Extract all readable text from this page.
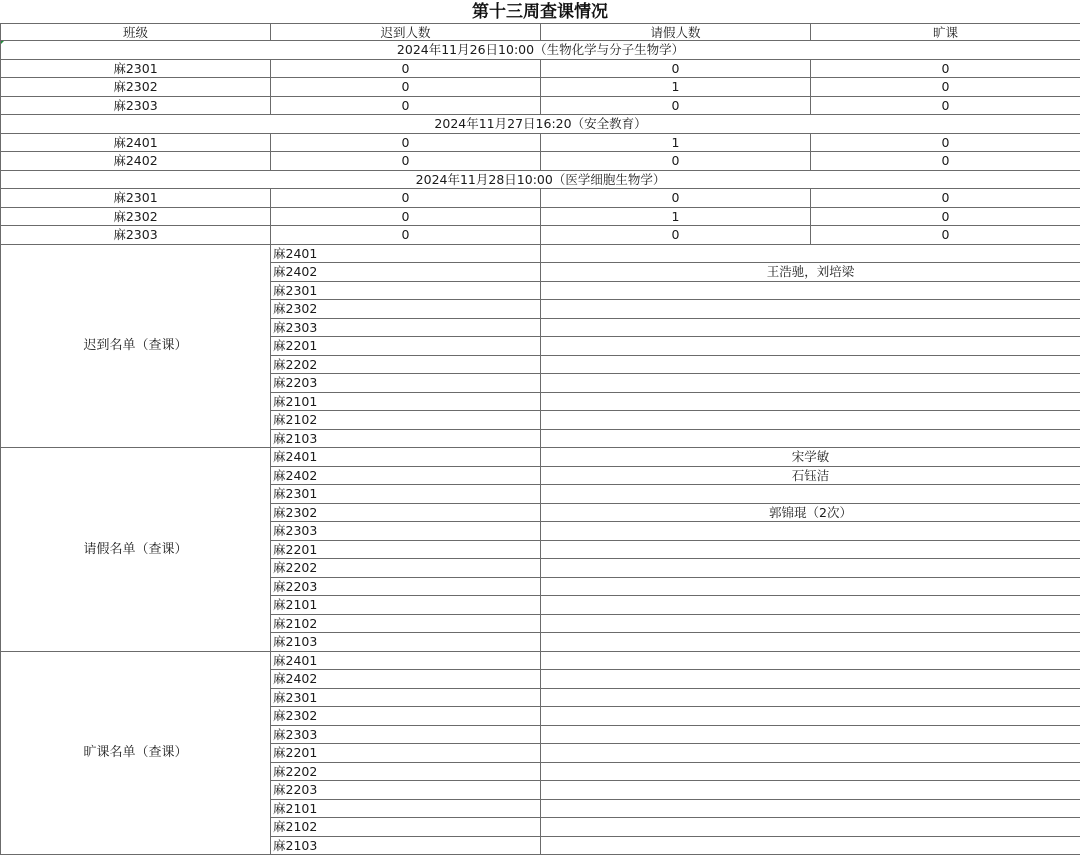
第十三周查课情况
班级	迟到人数	请假人数	旷课
2024年11月26日10:00（生物化学与分子生物学）			
麻2301	0	0	0
麻2302	0	1	0
麻2303	0	0	0
2024年11月27日16:20（安全教育）			
麻2401	0	1	0
麻2402	0	0	0
2024年11月28日10:00（医学细胞生物学）			
麻2301	0	0	0
麻2302	0	1	0
麻2303	0	0	0
迟到名单（查课）	麻2401		
	麻2402	王浩驰，刘培梁	
	麻2301		
	麻2302		
	麻2303		
	麻2201		
	麻2202		
	麻2203		
	麻2101		
	麻2102		
	麻2103		
请假名单（查课）	麻2401	宋学敏	
	麻2402	石钰洁	
	麻2301		
	麻2302	郭锦琨（2次）	
	麻2303		
	麻2201		
	麻2202		
	麻2203		
	麻2101		
	麻2102		
	麻2103		
旷课名单（查课）	麻2401		
	麻2402		
	麻2301		
	麻2302		
	麻2303		
	麻2201		
	麻2202		
	麻2203		
	麻2101		
	麻2102		
	麻2103		
